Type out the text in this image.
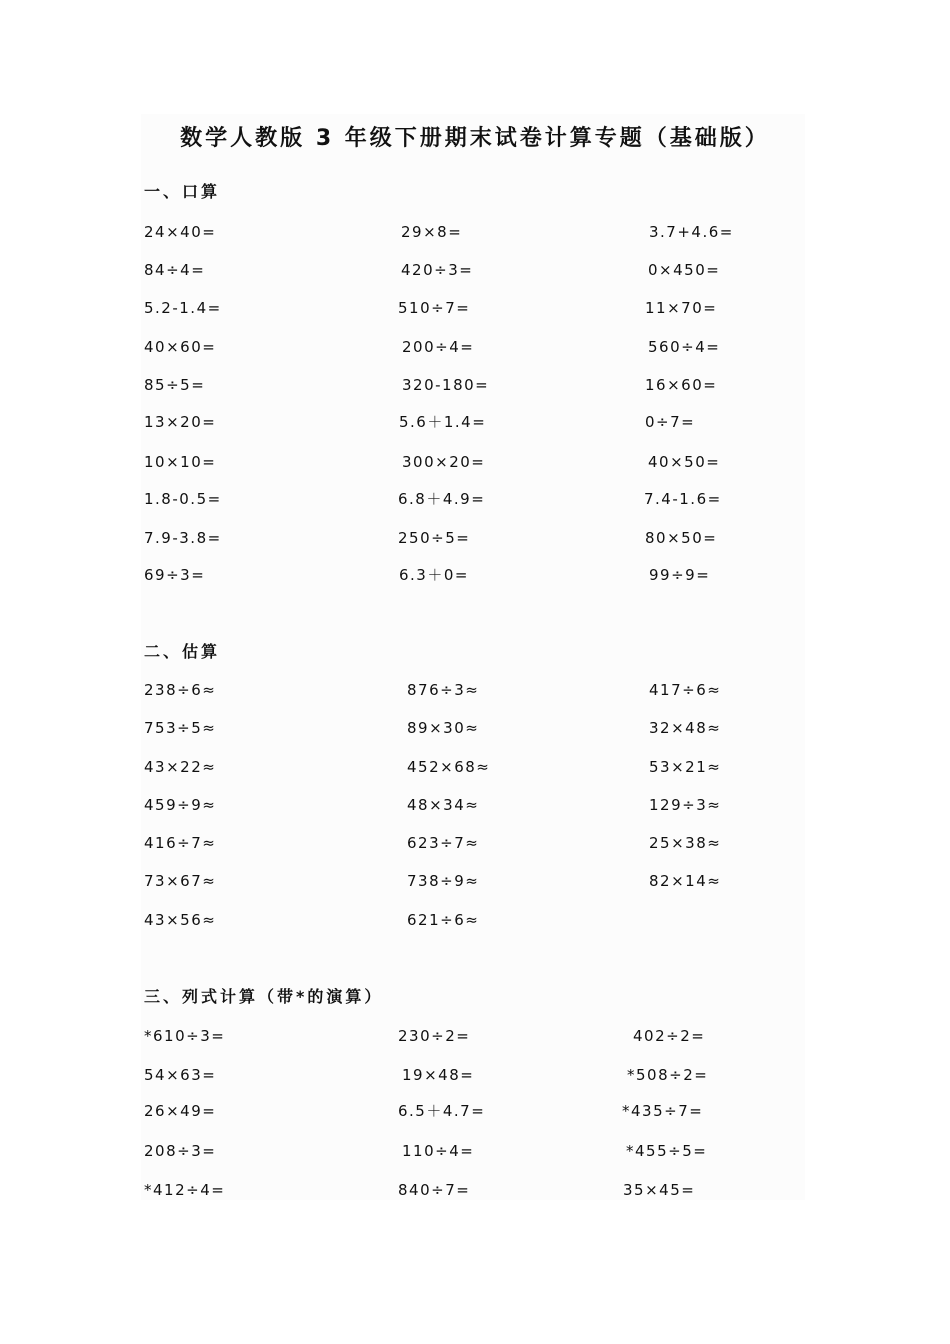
数学人教版 3 年级下册期末试卷计算专题（基础版）
一、口算
24×40=	29×8=	3.7+4.6=
84÷4=	420÷3=	0×450=
5.2-1.4=	510÷7=	11×70=
40×60=	200÷4=	560÷4=
85÷5=	320-180=	16×60=
13×20=	5.6＋1.4=	0÷7=
10×10=	300×20=	40×50=
1.8-0.5=	6.8＋4.9=	7.4-1.6=
7.9-3.8=	250÷5=	80×50=
69÷3=	6.3＋0=	99÷9=
二、估算
238÷6≈	876÷3≈	417÷6≈
753÷5≈	89×30≈	32×48≈
43×22≈	452×68≈	53×21≈
459÷9≈	48×34≈	129÷3≈
416÷7≈	623÷7≈	25×38≈
73×67≈	738÷9≈	82×14≈
43×56≈	621÷6≈
三、列式计算（带*的演算）
*610÷3=	230÷2=	402÷2=
54×63=	19×48=	*508÷2=
26×49=	6.5＋4.7=	*435÷7=
208÷3=	110÷4=	*455÷5=
*412÷4=	840÷7=	35×45=
